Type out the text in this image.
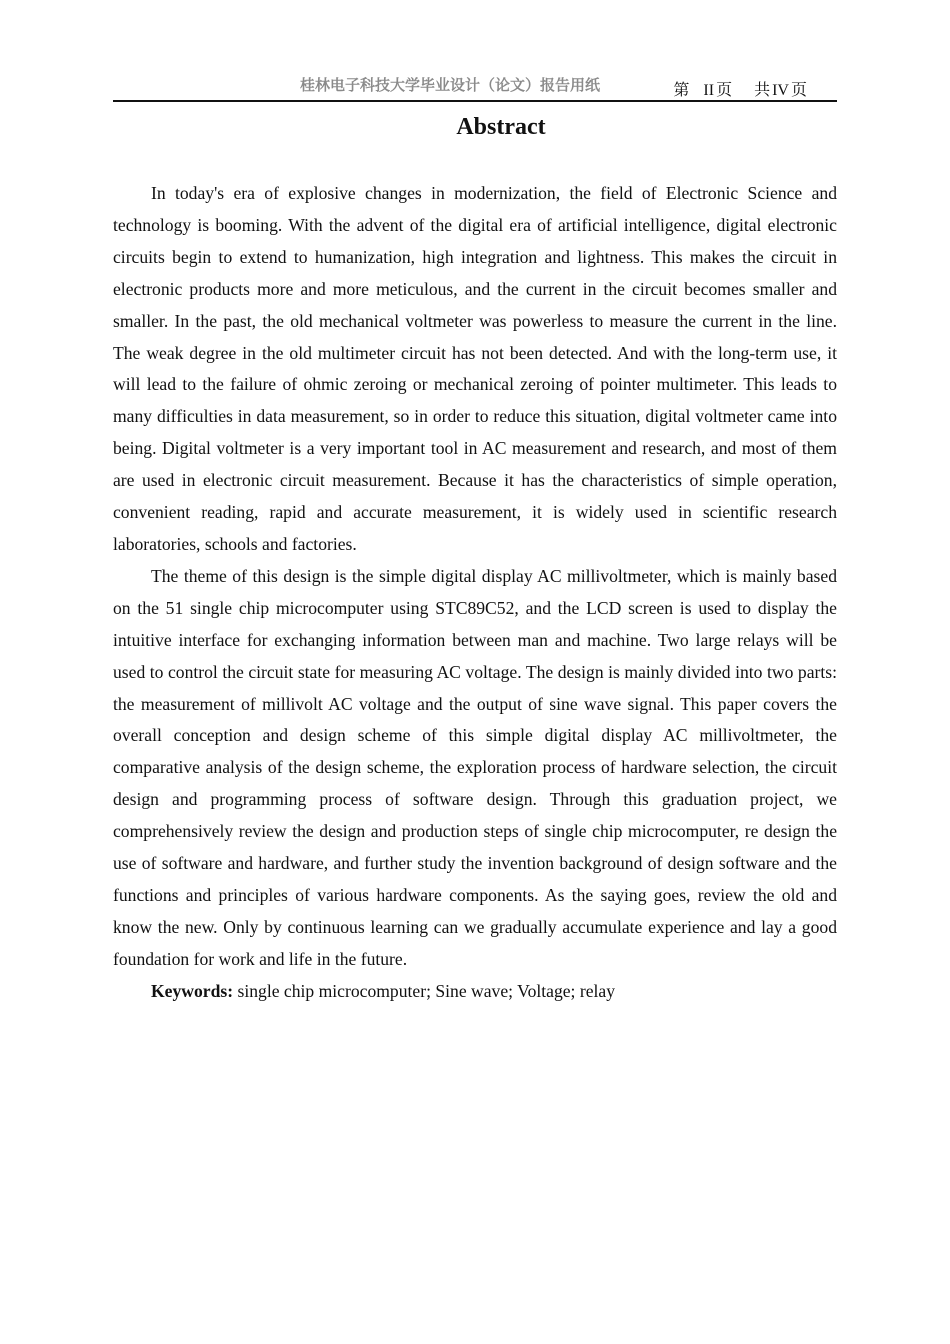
桂林电子科技大学毕业设计（论文）报告用纸	第 II 页 共 IV 页
Abstract

In today's era of explosive changes in modernization, the field of Electronic Science and technology is booming. With the advent of the digital era of artificial intelligence, digital electronic circuits begin to extend to humanization, high integration and lightness. This makes the circuit in electronic products more and more meticulous, and the current in the circuit becomes smaller and smaller. In the past, the old mechanical voltmeter was powerless to measure the current in the line. The weak degree in the old multimeter circuit has not been detected. And with the long-term use, it will lead to the failure of ohmic zeroing or mechanical zeroing of pointer multimeter. This leads to many difficulties in data measurement, so in order to reduce this situation, digital voltmeter came into being. Digital voltmeter is a very important tool in AC measurement and research, and most of them are used in electronic circuit measurement. Because it has the characteristics of simple operation, convenient reading, rapid and accurate measurement, it is widely used in scientific research laboratories, schools and factories.

The theme of this design is the simple digital display AC millivoltmeter, which is mainly based on the 51 single chip microcomputer using STC89C52, and the LCD screen is used to display the intuitive interface for exchanging information between man and machine. Two large relays will be used to control the circuit state for measuring AC voltage. The design is mainly divided into two parts: the measurement of millivolt AC voltage and the output of sine wave signal. This paper covers the overall conception and design scheme of this simple digital display AC millivoltmeter, the comparative analysis of the design scheme, the exploration process of hardware selection, the circuit design and programming process of software design. Through this graduation project, we comprehensively review the design and production steps of single chip microcomputer, re design the use of software and hardware, and further study the invention background of design software and the functions and principles of various hardware components. As the saying goes, review the old and know the new. Only by continuous learning can we gradually accumulate experience and lay a good foundation for work and life in the future.

Keywords: single chip microcomputer; Sine wave; Voltage; relay
